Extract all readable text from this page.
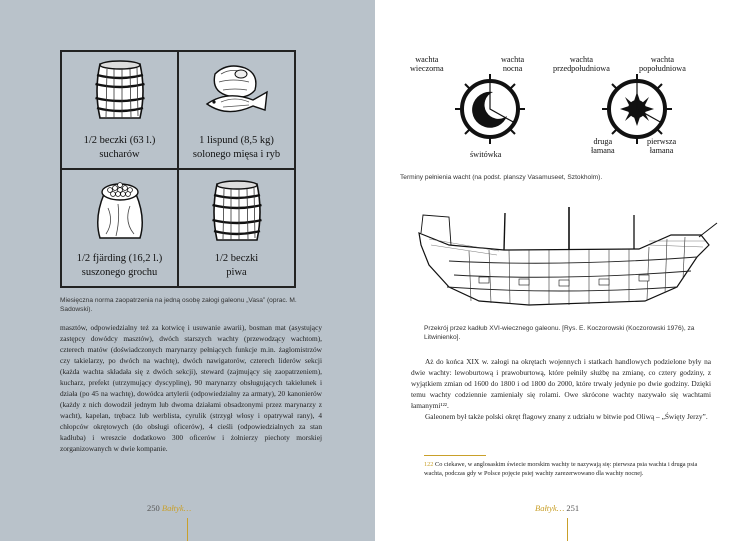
1/2 beczki (63 l.)
sucharów
1 lispund (8,5 kg)
solonego mięsa i ryb
1/2 fjärding (16,2 l.)
suszonego grochu
1/2 beczki
piwa
Miesięczna norma zaopatrzenia na jedną osobę załogi galeonu „Vasa” (oprac. M. Sadowski).
masztów, odpowiedzialny też za kotwicę i usuwanie awarii), bosman mat (asystujący zastępcy dowódcy masztów), dwóch starszych wachty (przewodzący wachtom), czterech matów (doświadczonych marynarzy pełniących funkcje m.in. żaglomistrzów czy takielarzy, po dwóch na wachtę), dwóch nawigatorów, czterech liderów sekcji (każda wachta składała się z dwóch sekcji), steward (zajmujący się zaopatrzeniem), kucharz, prefekt (utrzymujący dyscyplinę), 90 marynarzy obsługujących takielunek i działa (po 45 na wachtę), dowódca artylerii (odpowiedzialny za armaty), 20 kanonierów (każdy z nich dowodził jednym lub dwoma działami obsadzonymi przez marynarzy z wacht), kapelan, trębacz lub werblista, cyrulik (strzygł włosy i opatrywał rany), 4 chłopców okrętowych (do obsługi oficerów), 4 cieśli (odpowiedzialnych za stan kadłuba) i wreszcie dodatkowo 300 oficerów i żołnierzy piechoty morskiej zorganizowanych w dwie kompanie.
250 Bałtyk…
wachta
wieczorna
wachta
nocna
świtówka
wachta
przedpołudniowa
wachta
popołudniowa
druga
łamana
pierwsza
łamana
Terminy pełnienia wacht (na podst. planszy Vasamuseet, Sztokholm).
Przekrój przez kadłub XVI-wiecznego galeonu. [Rys. E. Koczorowski (Koczorowski 1976), za Litwinienko].

Aż do końca XIX w. załogi na okrętach wojennych i statkach handlowych podzielone były na dwie wachty: lewoburtową i prawoburtową, które pełniły służbę na zmianę, co cztery godziny, z wyjątkiem zmian od 1600 do 1800 i od 1800 do 2000, które trwały jedynie po dwie godziny. Dzięki temu wachty codziennie zamieniały się rolami. Owe skrócone wachty nazywało się wachtami łamanymi¹²².

Galeonem był także polski okręt flagowy znany z udziału w bitwie pod Oliwą – „Święty Jerzy”.

122 Co ciekawe, w anglosaskim świecie morskim wachty te nazywają się: pierwsza psia wachta i druga psia wachta, podczas gdy w Polsce pojęcie psiej wachty zarezerwowano dla wachty nocnej.
Bałtyk… 251
